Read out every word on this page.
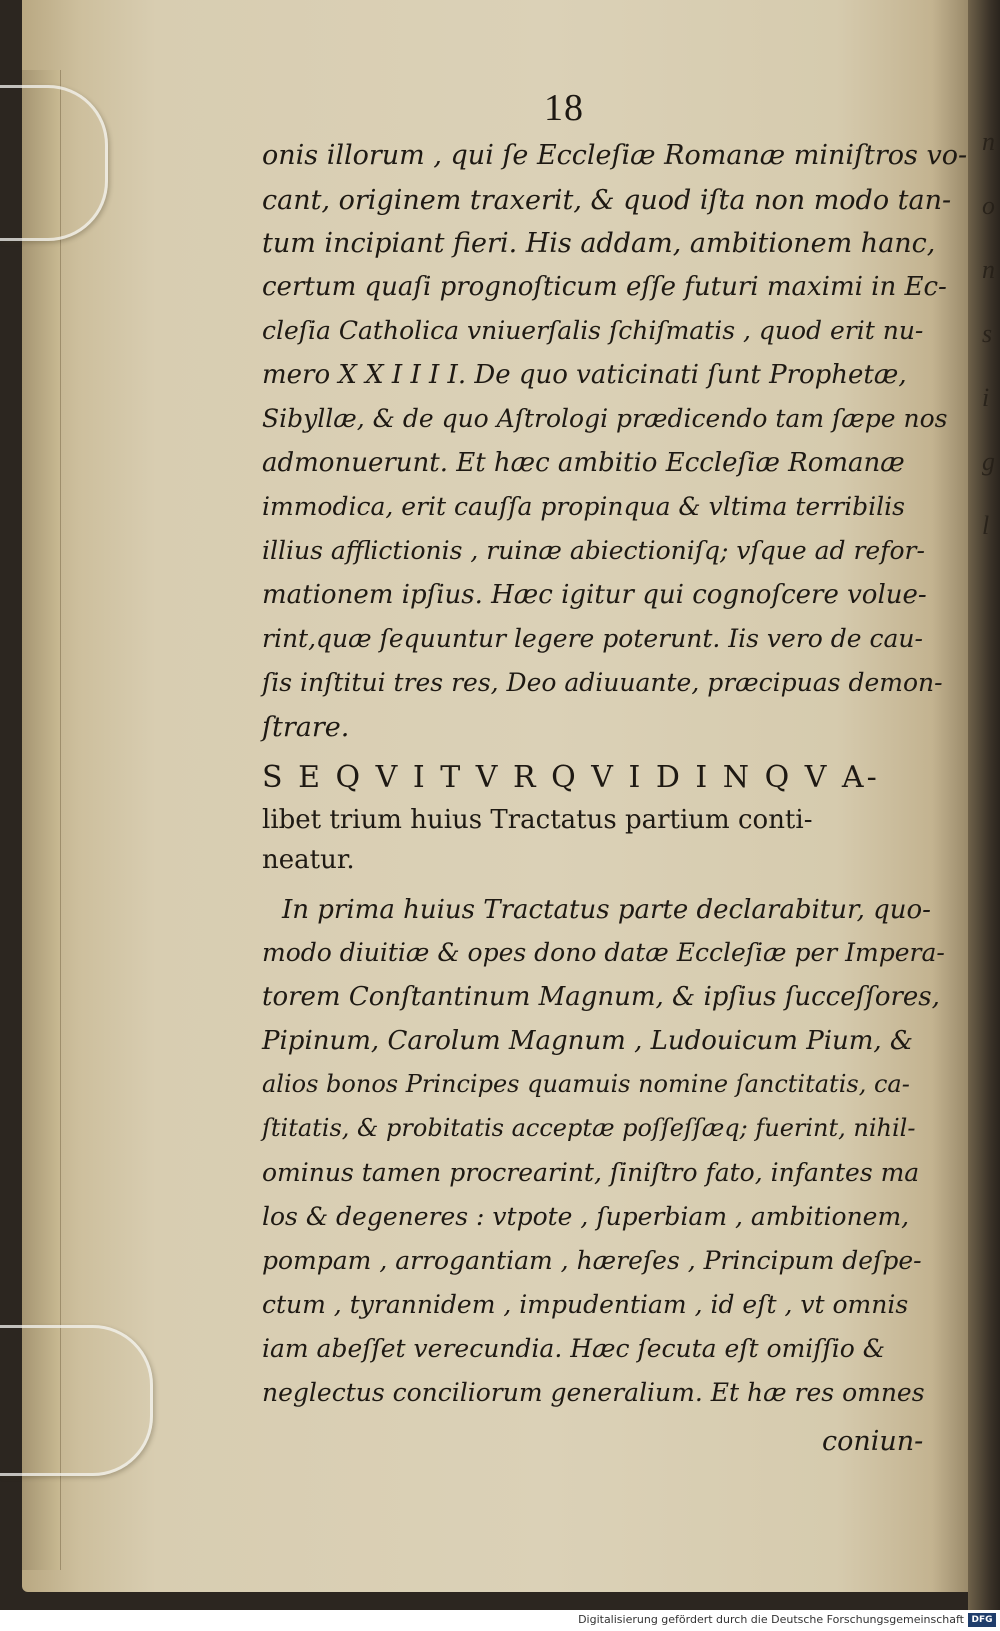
18
onis illorum , qui ſe Eccleſiæ Romanæ miniſtros vo-
cant, originem traxerit, & quod iſta non modo tan-
tum incipiant fieri. His addam, ambitionem hanc,
certum quaſi prognoſticum eſſe futuri maximi in Ec-
cleſia Catholica vniuerſalis ſchiſmatis , quod erit nu-
mero X X I I I I. De quo vaticinati ſunt Prophetæ,
Sibyllæ, & de quo Aſtrologi prædicendo tam ſæpe nos
admonuerunt. Et hæc ambitio Eccleſiæ Romanæ
immodica, erit cauſſa propinqua & vltima terribilis
illius afflictionis , ruinæ abiectioniſq; vſque ad refor-
mationem ipſius. Hæc igitur qui cognoſcere volue-
rint,quæ ſequuntur legere poterunt. Iis vero de cau-
ſis inſtitui tres res, Deo adiuuante, præcipuas demon-
ſtrare.
S E Q V I T V R Q V I D I N Q V A-
libet trium huius Tractatus partium conti-
neatur.
In prima huius Tractatus parte declarabitur, quo-
modo diuitiæ & opes dono datæ Eccleſiæ per Impera-
torem Conſtantinum Magnum, & ipſius ſucceſſores,
Pipinum, Carolum Magnum , Ludouicum Pium, &
alios bonos Principes quamuis nomine ſanctitatis, ca-
ſtitatis, & probitatis acceptæ poſſeſſæq; fuerint, nihil-
ominus tamen procrearint, ſiniſtro fato, infantes ma
los & degeneres : vtpote , ſuperbiam , ambitionem,
pompam , arrogantiam , hæreſes , Principum deſpe-
ctum , tyrannidem , impudentiam , id eſt , vt omnis
iam abeſſet verecundia. Hæc ſecuta eſt omiſſio &
neglectus conciliorum generalium. Et hæ res omnes
coniun-
n
o
n
s
i
g
l
Digitalisierung gefördert durch die Deutsche Forschungsgemeinschaft DFG
